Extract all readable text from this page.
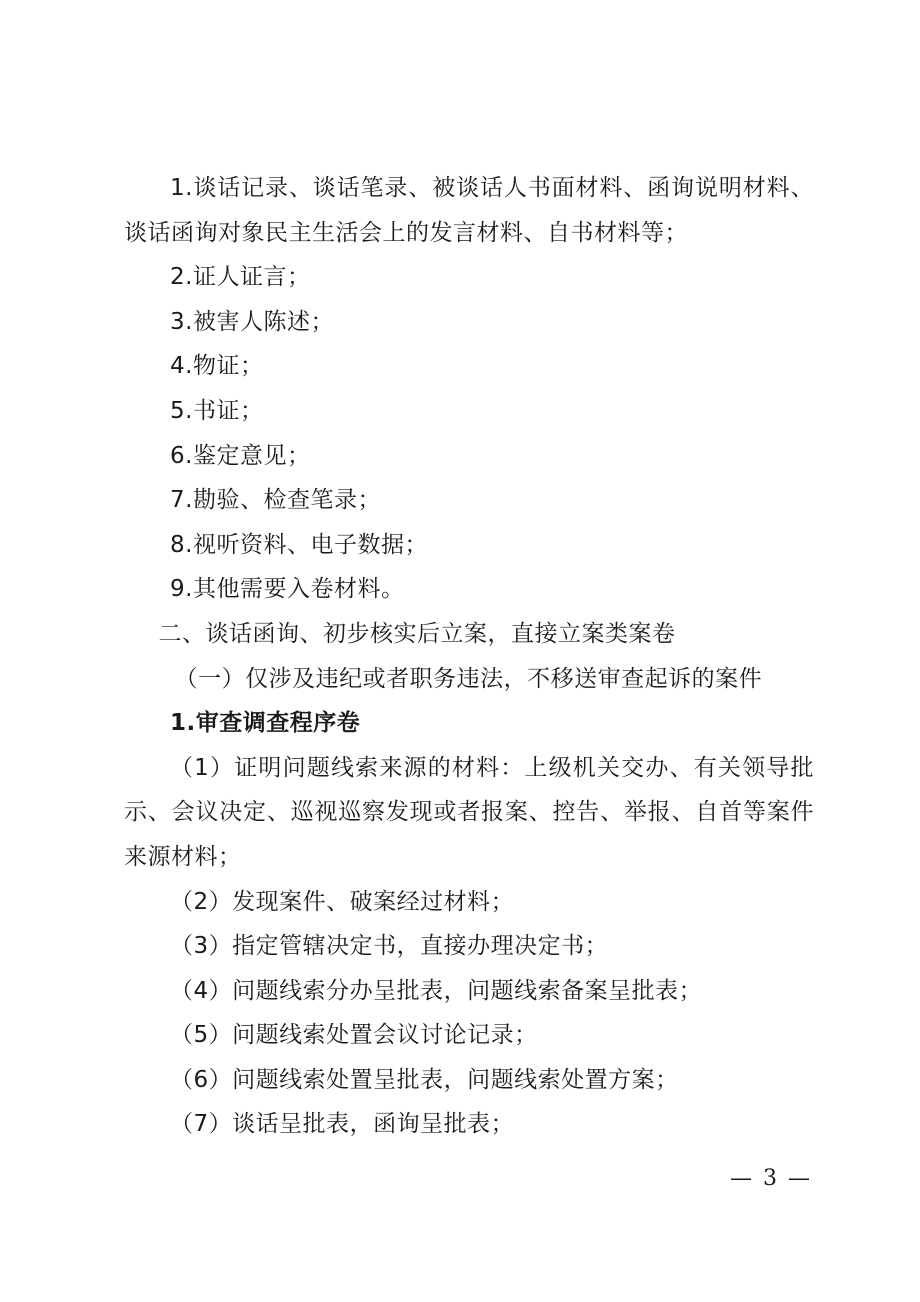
1.谈话记录、谈话笔录、被谈话人书面材料、函询说明材料、谈话函询对象民主生活会上的发言材料、自书材料等；

2.证人证言；

3.被害人陈述；

4.物证；

5.书证；

6.鉴定意见；

7.勘验、检查笔录；

8.视听资料、电子数据；

9.其他需要入卷材料。

二、谈话函询、初步核实后立案，直接立案类案卷

（一）仅涉及违纪或者职务违法，不移送审查起诉的案件

1.审查调查程序卷

（1）证明问题线索来源的材料：上级机关交办、有关领导批示、会议决定、巡视巡察发现或者报案、控告、举报、自首等案件来源材料；

（2）发现案件、破案经过材料；

（3）指定管辖决定书，直接办理决定书；

（4）问题线索分办呈批表，问题线索备案呈批表；

（5）问题线索处置会议讨论记录；

（6）问题线索处置呈批表，问题线索处置方案；

（7）谈话呈批表，函询呈批表；

— 3 —
